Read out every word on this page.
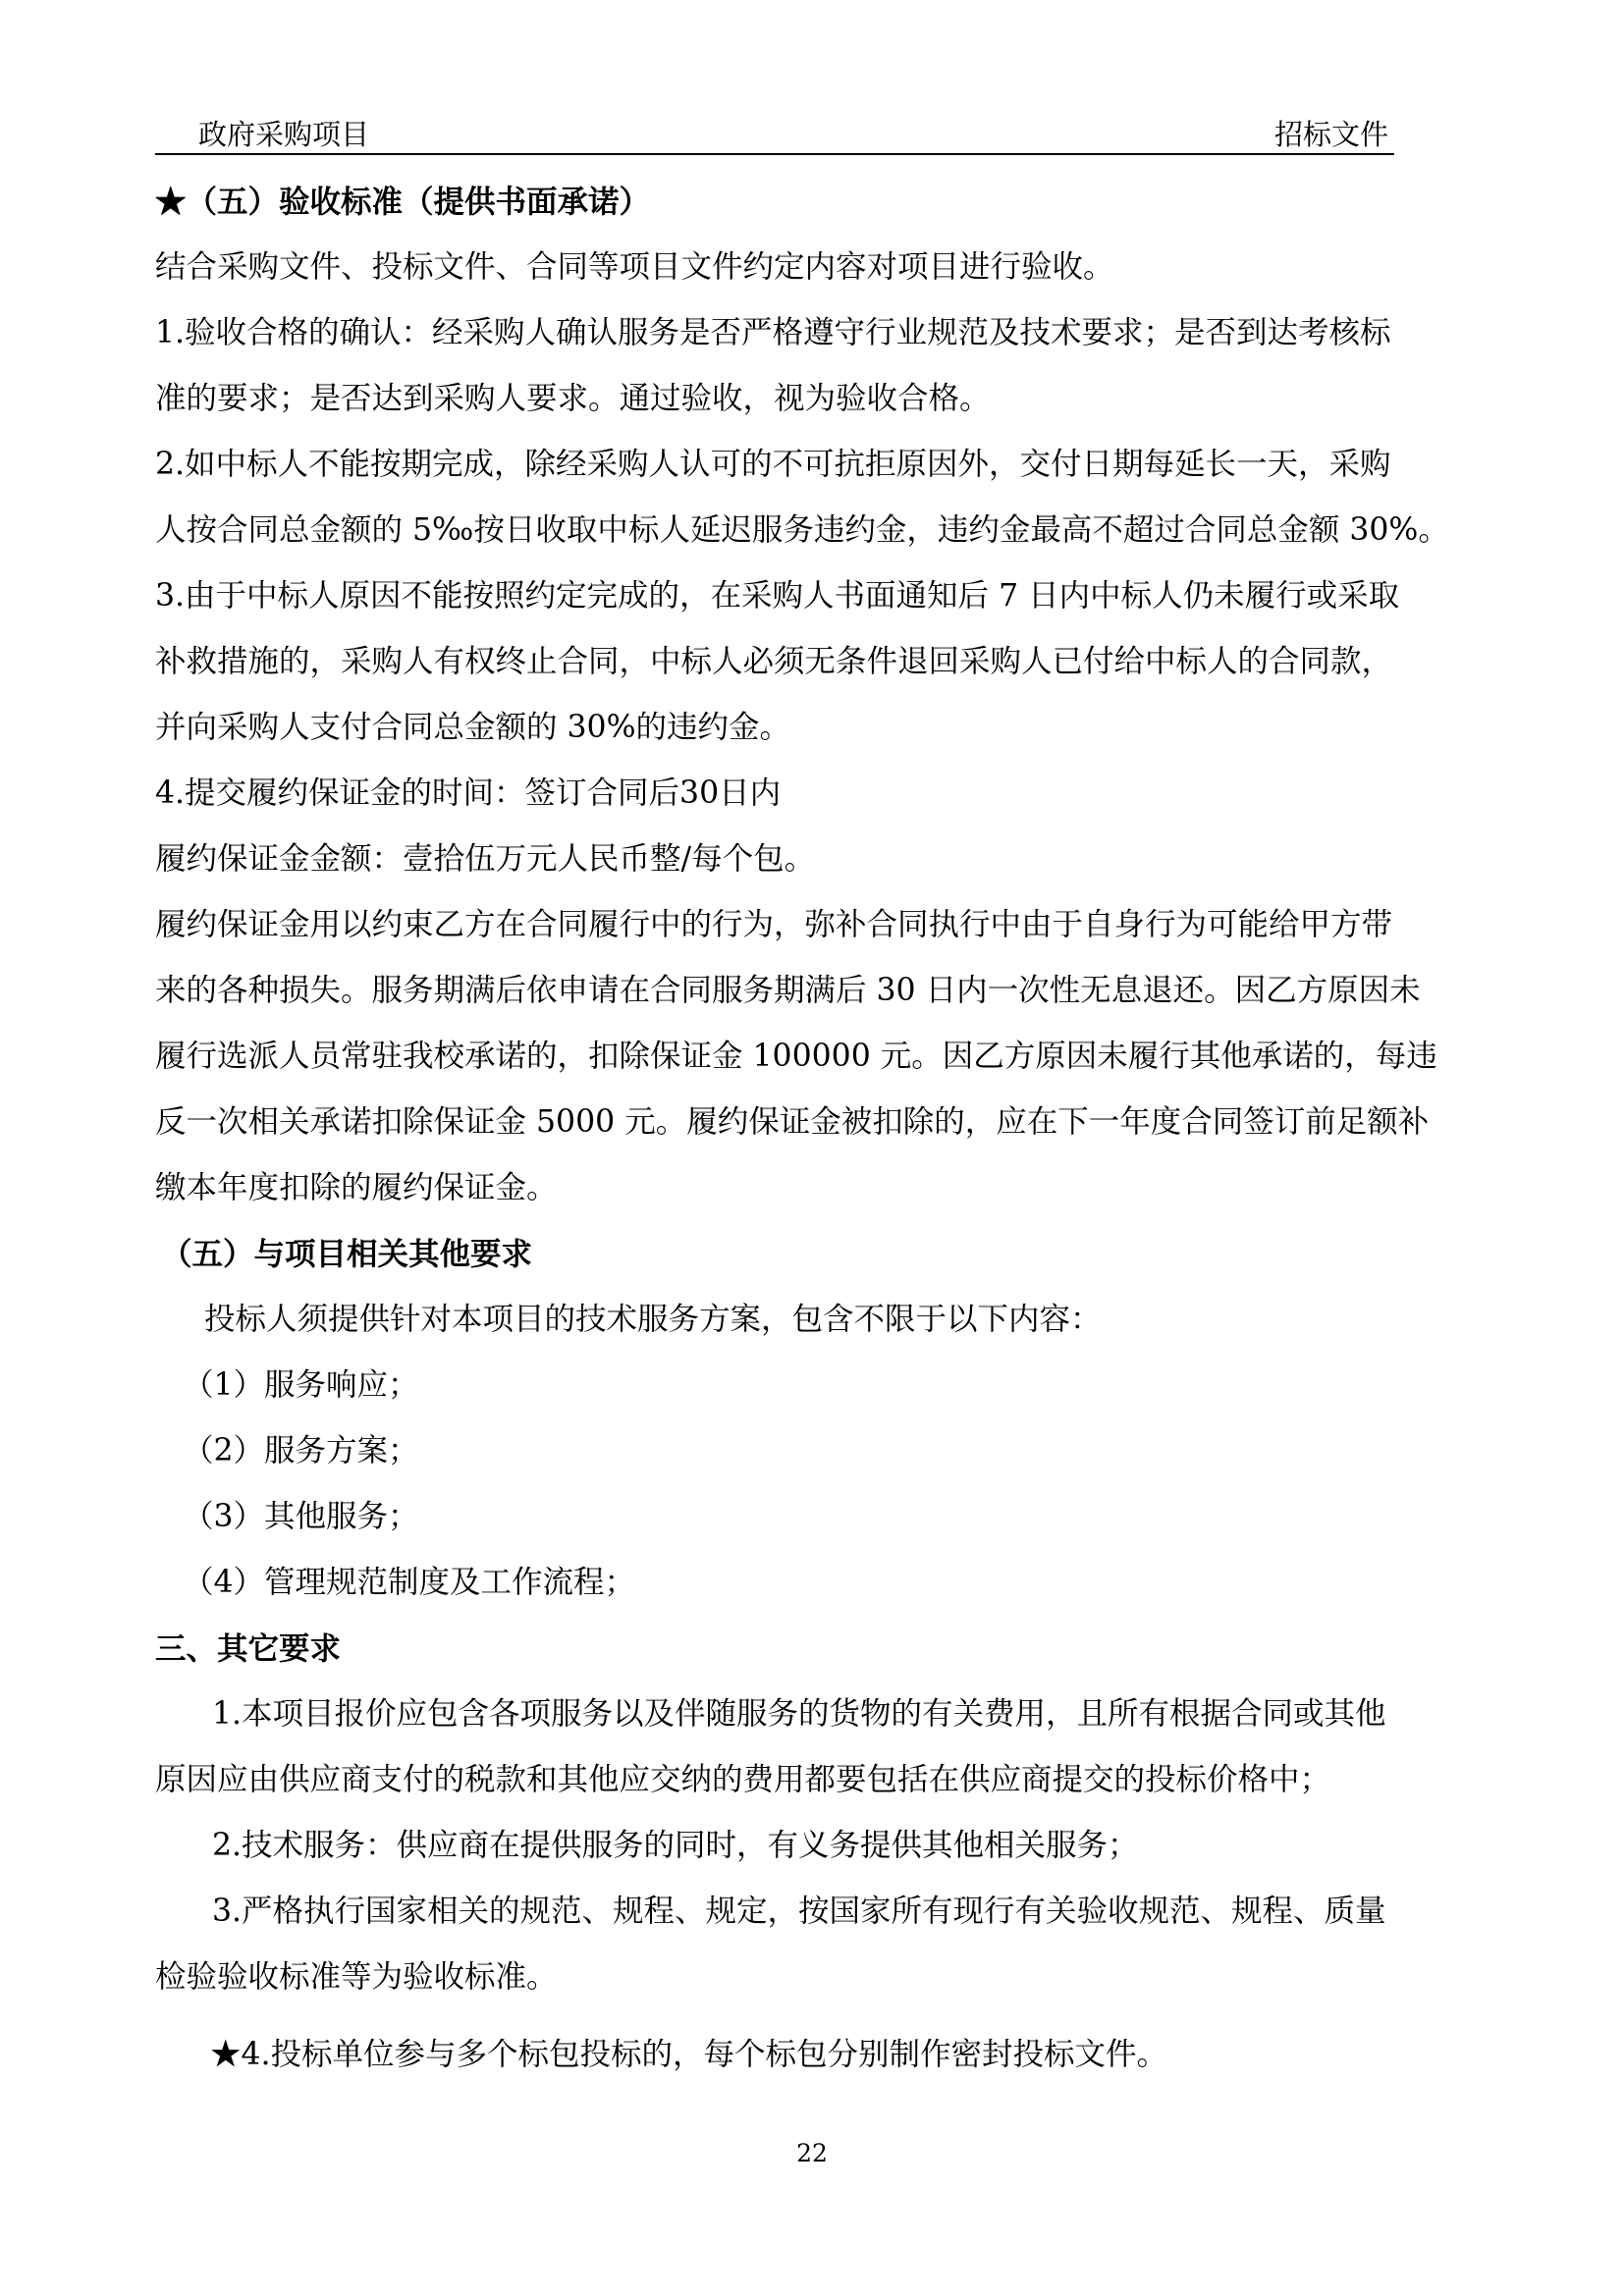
政府采购项目	招标文件

★（五）验收标准（提供书面承诺）

结合采购文件、投标文件、合同等项目文件约定内容对项目进行验收。

1.验收合格的确认：经采购人确认服务是否严格遵守行业规范及技术要求；是否到达考核标

准的要求；是否达到采购人要求。通过验收，视为验收合格。

2.如中标人不能按期完成，除经采购人认可的不可抗拒原因外，交付日期每延长一天，采购

人按合同总金额的 5‰按日收取中标人延迟服务违约金，违约金最高不超过合同总金额 30%。

3.由于中标人原因不能按照约定完成的，在采购人书面通知后 7 日内中标人仍未履行或采取

补救措施的，采购人有权终止合同，中标人必须无条件退回采购人已付给中标人的合同款，

并向采购人支付合同总金额的 30%的违约金。

4.提交履约保证金的时间：签订合同后30日内

履约保证金金额：壹拾伍万元人民币整/每个包。

履约保证金用以约束乙方在合同履行中的行为，弥补合同执行中由于自身行为可能给甲方带

来的各种损失。服务期满后依申请在合同服务期满后 30 日内一次性无息退还。因乙方原因未

履行选派人员常驻我校承诺的，扣除保证金 100000 元。因乙方原因未履行其他承诺的，每违

反一次相关承诺扣除保证金 5000 元。履约保证金被扣除的，应在下一年度合同签订前足额补

缴本年度扣除的履约保证金。

（五）与项目相关其他要求

投标人须提供针对本项目的技术服务方案，包含不限于以下内容：

（1）服务响应；

（2）服务方案；

（3）其他服务；

（4）管理规范制度及工作流程；

三、其它要求

1.本项目报价应包含各项服务以及伴随服务的货物的有关费用，且所有根据合同或其他

原因应由供应商支付的税款和其他应交纳的费用都要包括在供应商提交的投标价格中；

2.技术服务：供应商在提供服务的同时，有义务提供其他相关服务；

3.严格执行国家相关的规范、规程、规定，按国家所有现行有关验收规范、规程、质量

检验验收标准等为验收标准。

★4.投标单位参与多个标包投标的，每个标包分别制作密封投标文件。

22
